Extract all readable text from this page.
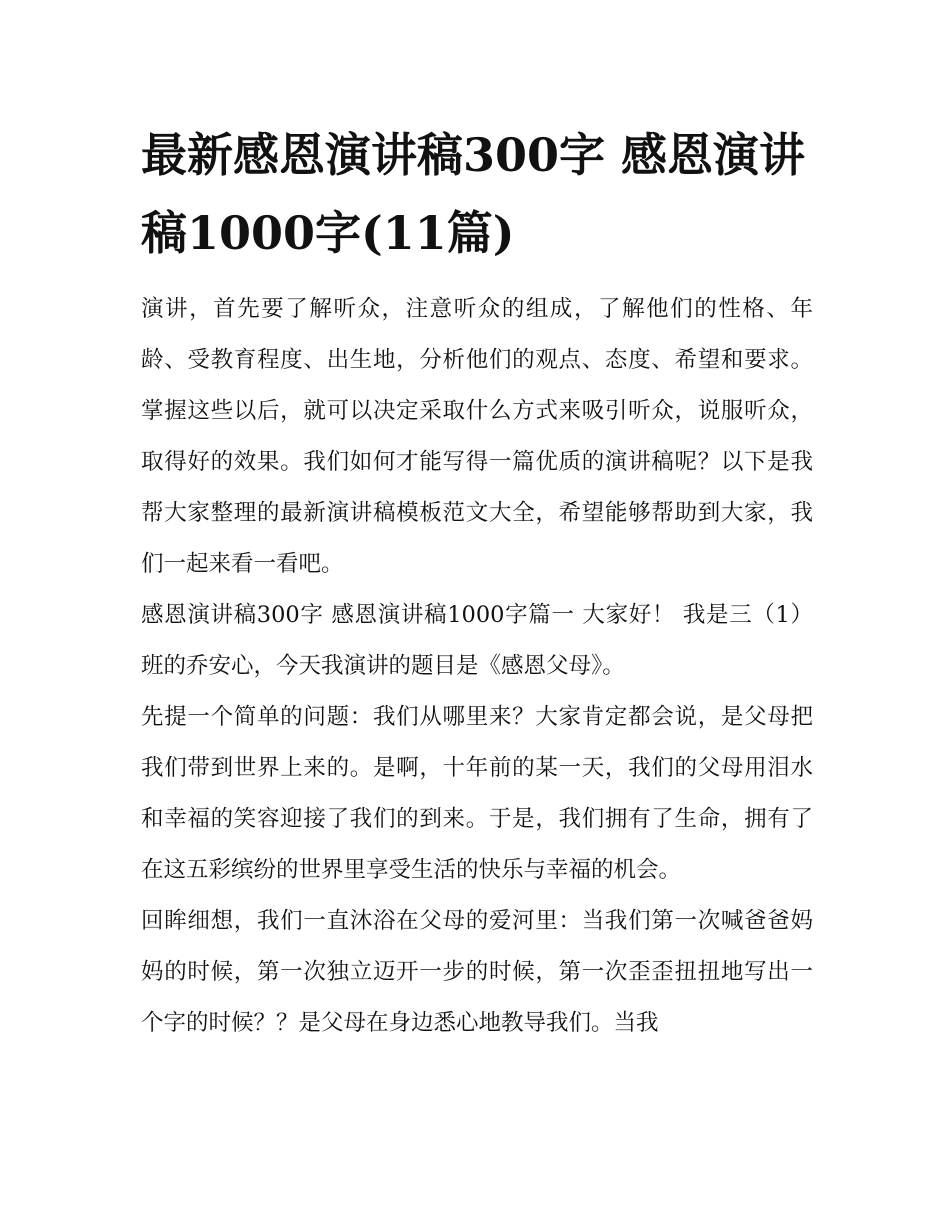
最新感恩演讲稿300字 感恩演讲稿1000字(11篇)

演讲，首先要了解听众，注意听众的组成，了解他们的性格、年龄、受教育程度、出生地，分析他们的观点、态度、希望和要求。掌握这些以后，就可以决定采取什么方式来吸引听众，说服听众，取得好的效果。我们如何才能写得一篇优质的演讲稿呢？以下是我帮大家整理的最新演讲稿模板范文大全，希望能够帮助到大家，我们一起来看一看吧。

感恩演讲稿300字 感恩演讲稿1000字篇一 大家好！ 我是三（1）班的乔安心，今天我演讲的题目是《感恩父母》。

先提一个简单的问题：我们从哪里来？大家肯定都会说，是父母把我们带到世界上来的。是啊，十年前的某一天，我们的父母用泪水和幸福的笑容迎接了我们的到来。于是，我们拥有了生命，拥有了在这五彩缤纷的世界里享受生活的快乐与幸福的机会。

回眸细想，我们一直沐浴在父母的爱河里：当我们第一次喊爸爸妈妈的时候，第一次独立迈开一步的时候，第一次歪歪扭扭地写出一个字的时候？？是父母在身边悉心地教导我们。当我
